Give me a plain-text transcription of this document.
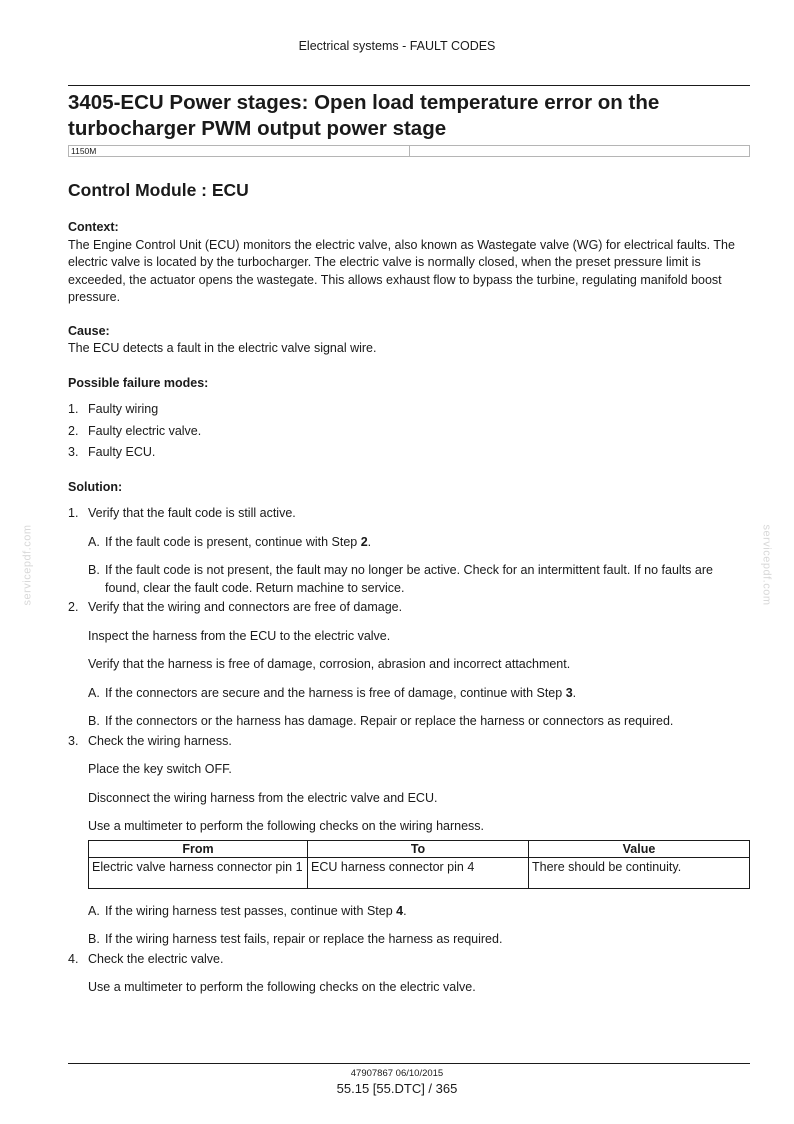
Electrical systems - FAULT CODES
3405-ECU Power stages: Open load temperature error on the turbocharger PWM output power stage
1150M
Control Module : ECU
Context:

The Engine Control Unit (ECU) monitors the electric valve, also known as Wastegate valve (WG) for electrical faults. The electric valve is located by the turbocharger. The electric valve is normally closed, when the preset pressure limit is exceeded, the actuator opens the wastegate. This allows exhaust flow to bypass the turbine, regulating manifold boost pressure.

Cause:

The ECU detects a fault in the electric valve signal wire.

Possible failure modes:
1. Faulty wiring
2. Faulty electric valve.
3. Faulty ECU.
Solution:
1. Verify that the fault code is still active.
A. If the fault code is present, continue with Step 2.
B. If the fault code is not present, the fault may no longer be active. Check for an intermittent fault. If no faults are found, clear the fault code. Return machine to service.
2. Verify that the wiring and connectors are free of damage.

Inspect the harness from the ECU to the electric valve.

Verify that the harness is free of damage, corrosion, abrasion and incorrect attachment.

A. If the connectors are secure and the harness is free of damage, continue with Step 3.
B. If the connectors or the harness has damage. Repair or replace the harness or connectors as required.
3. Check the wiring harness.

Place the key switch OFF.

Disconnect the wiring harness from the electric valve and ECU.

Use a multimeter to perform the following checks on the wiring harness.

From	To	Value
Electric valve harness connector pin 1	ECU harness connector pin 4	There should be continuity.
A. If the wiring harness test passes, continue with Step 4.
B. If the wiring harness test fails, repair or replace the harness as required.
4. Check the electric valve.

Use a multimeter to perform the following checks on the electric valve.

servicepdf.com	servicepdf.com
47907867 06/10/2015
55.15 [55.DTC] / 365
